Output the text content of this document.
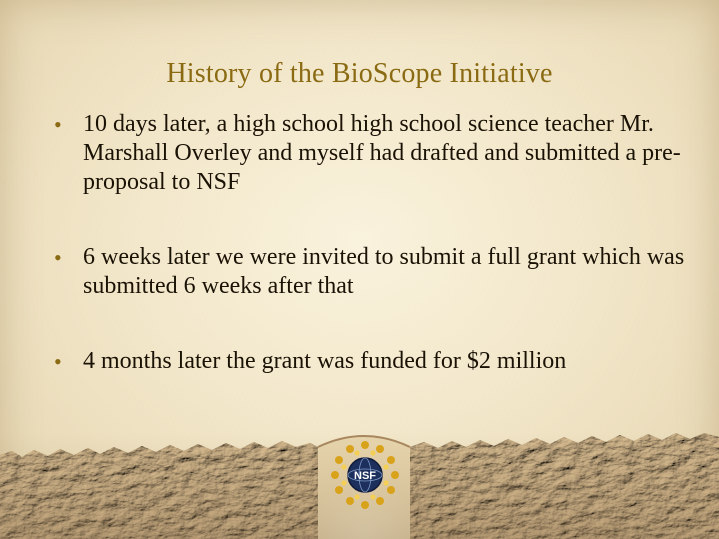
History of the BioScope Initiative
• 10 days later, a high school high school science teacher Mr. Marshall Overley and myself had drafted and submitted a pre-proposal to NSF
• 6 weeks later we were invited to submit a full grant which was submitted 6 weeks after that
• 4 months later the grant was funded for $2 million
NSF
